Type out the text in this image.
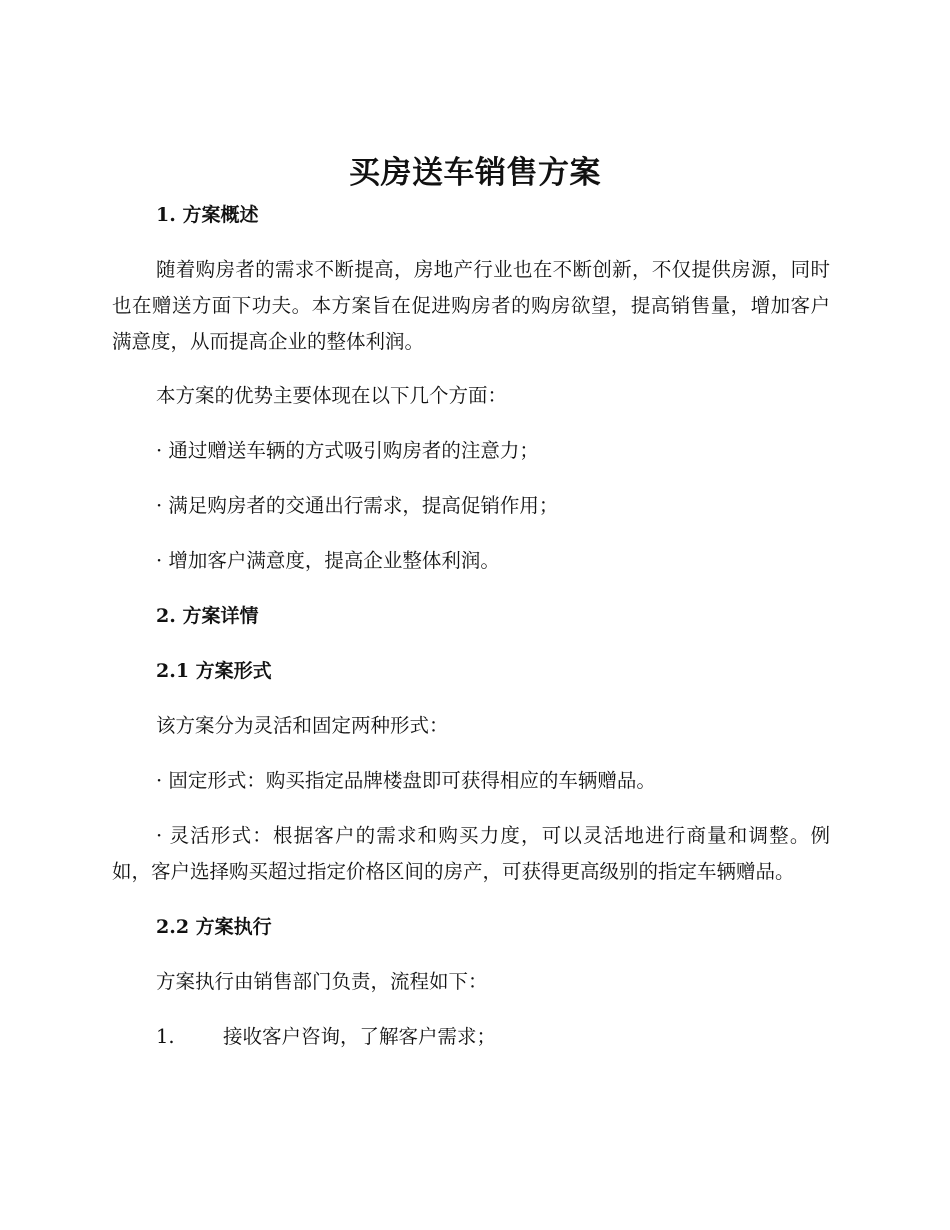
买房送车销售方案
1. 方案概述
随着购房者的需求不断提高，房地产行业也在不断创新，不仅提供房源，同时也在赠送方面下功夫。本方案旨在促进购房者的购房欲望，提高销售量，增加客户满意度，从而提高企业的整体利润。
本方案的优势主要体现在以下几个方面：
· 通过赠送车辆的方式吸引购房者的注意力；
· 满足购房者的交通出行需求，提高促销作用；
· 增加客户满意度，提高企业整体利润。
2. 方案详情
2.1 方案形式
该方案分为灵活和固定两种形式：
· 固定形式：购买指定品牌楼盘即可获得相应的车辆赠品。
· 灵活形式：根据客户的需求和购买力度，可以灵活地进行商量和调整。例如，客户选择购买超过指定价格区间的房产，可获得更高级别的指定车辆赠品。
2.2 方案执行
方案执行由销售部门负责，流程如下：
1.	接收客户咨询，了解客户需求；
